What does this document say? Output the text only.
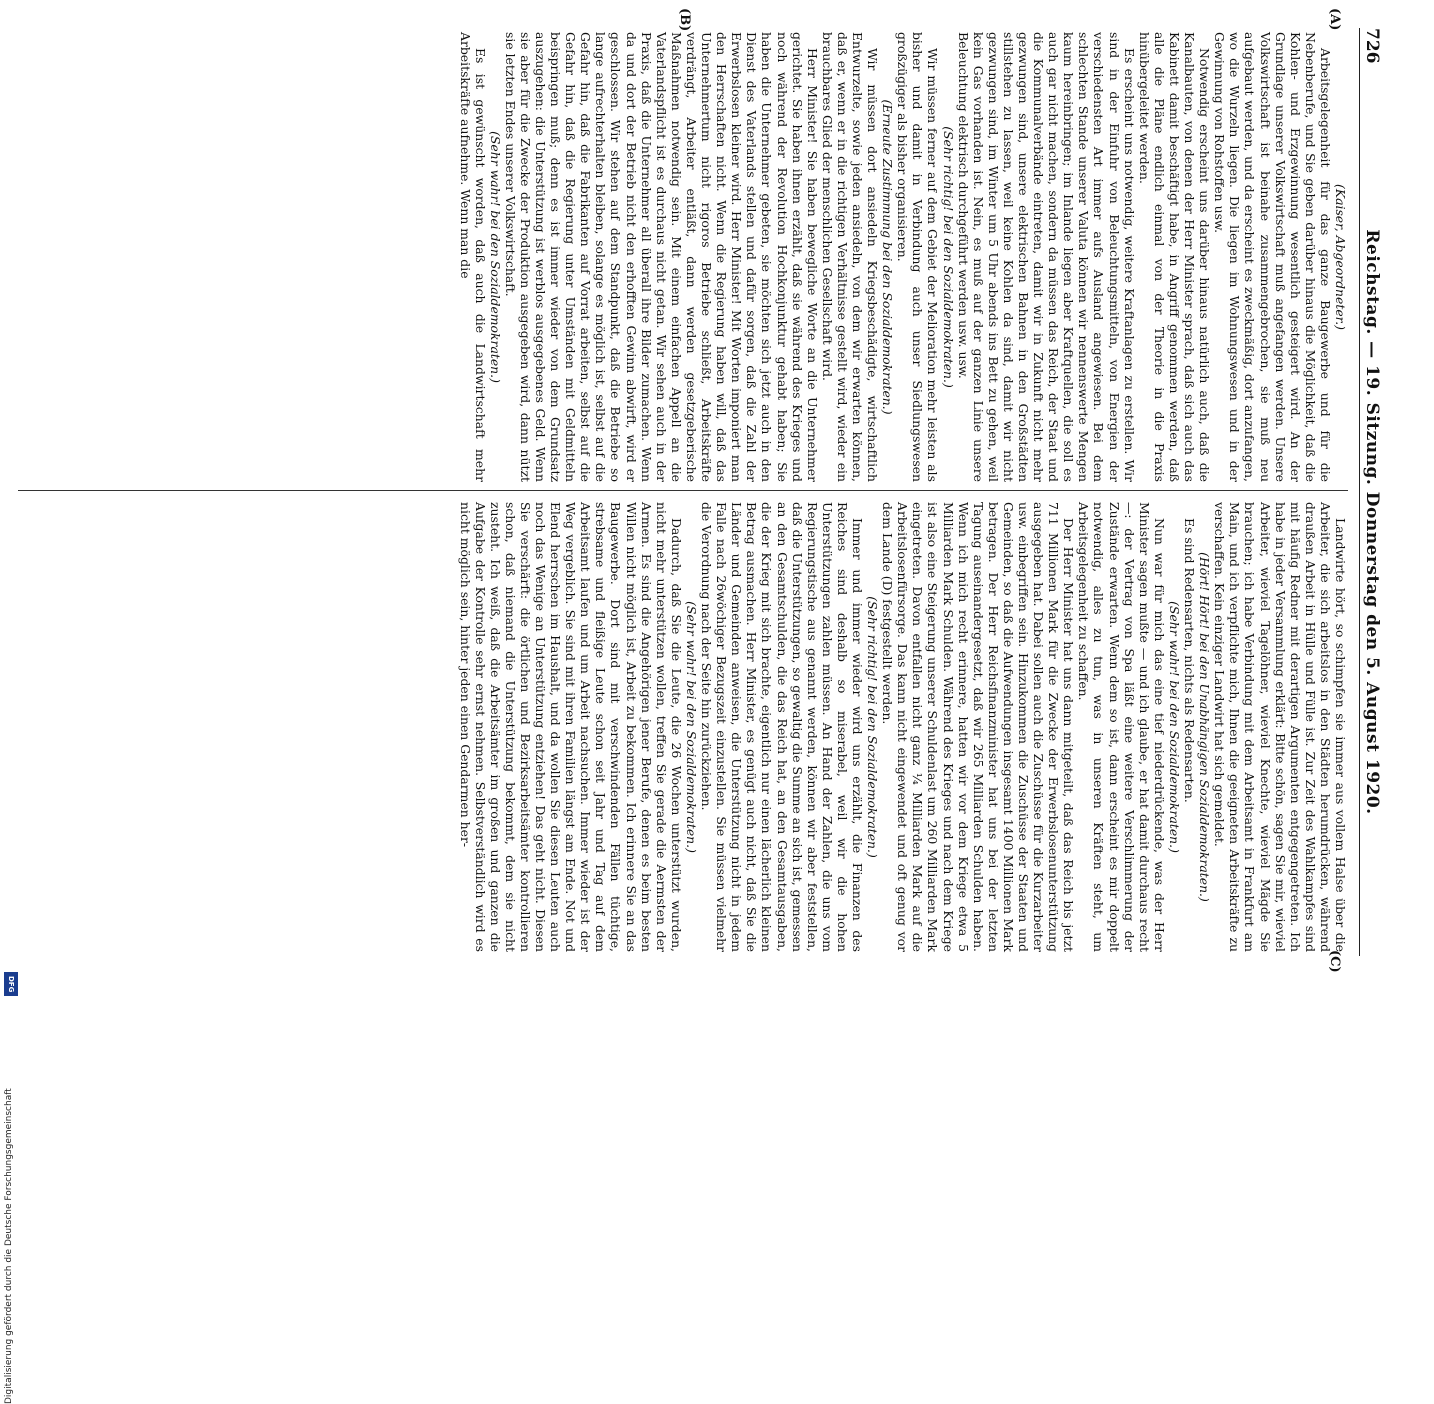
726
Reichstag. — 19. Sitzung. Donnerstag den 5. August 1920.
(A)
(B)
(C)

(Kaiser, Abgeordneter.)

Arbeitsgelegenheit für das ganze Baugewerbe und für die Nebenberufe, und Sie geben darüber hinaus die Möglichkeit, daß die Kohlen- und Erzgewinnung wesentlich gesteigert wird. An der Grundlage unserer Volkswirtschaft muß angefangen werden. Unsere Volkswirtschaft ist beinahe zusammengebrochen, sie muß neu aufgebaut werden, und da erscheint es zweckmäßig, dort anzufangen, wo die Wurzeln liegen. Die liegen im Wohnungswesen und in der Gewinnung von Rohstoffen usw.

Notwendig erscheint uns darüber hinaus natürlich auch, daß die Kanalbauten, von denen der Herr Minister sprach, daß sich auch das Kabinett damit beschäftigt habe, in Angriff genommen werden, daß alle die Pläne endlich einmal von der Theorie in die Praxis hinübergeleitet werden.

Es erscheint uns notwendig, weitere Kraftanlagen zu erstellen. Wir sind in der Einfuhr von Beleuchtungsmitteln, von Energien der verschiedensten Art immer aufs Ausland angewiesen. Bei dem schlechten Stande unserer Valuta können wir nennenswerte Mengen kaum hereinbringen; im Inlande liegen aber Kraftquellen, die soll es auch gar nicht machen, sondern da müssen das Reich, der Staat und die Kommunalverbände eintreten, damit wir in Zukunft nicht mehr gezwungen sind, unsere elektrischen Bahnen in den Großstädten stillstehen zu lassen, weil keine Kohlen da sind, damit wir nicht gezwungen sind, im Winter um 5 Uhr abends ins Bett zu gehen, weil kein Gas vorhanden ist. Nein, es muß auf der ganzen Linie unsere Beleuchtung elektrisch durchgeführt werden usw. usw.

(Sehr richtig! bei den Sozialdemokraten.)

Wir müssen ferner auf dem Gebiet der Melioration mehr leisten als bisher und damit in Verbindung auch unser Siedlungswesen großzügiger als bisher organisieren.

(Erneute Zustimmung bei den Sozialdemokraten.)

Wir müssen dort ansiedeln Kriegsbeschädigte, wirtschaftlich Entwurzelte, sowie jeden ansiedeln, von dem wir erwarten können, daß er, wenn er in die richtigen Verhältnisse gestellt wird, wieder ein brauchbares Glied der menschlichen Gesellschaft wird.

Herr Minister! Sie haben bewegliche Worte an die Unternehmer gerichtet. Sie haben ihnen erzählt, daß sie während des Krieges und noch während der Revolution Hochkonjunktur gehabt haben; Sie haben die Unternehmer gebeten, sie möchten sich jetzt auch in den Dienst des Vaterlands stellen und dafür sorgen, daß die Zahl der Erwerbslosen kleiner wird. Herr Minister! Mit Worten imponiert man den Herrschaften nicht. Wenn die Regierung haben will, daß das Unternehmertum nicht rigoros Betriebe schließt, Arbeitskräfte verdrängt, Arbeiter entläßt, dann werden gesetzgeberische Maßnahmen notwendig sein. Mit einem einfachen Appell an die Vaterlandspflicht ist es durchaus nicht getan. Wir sehen auch in der Praxis, daß die Unternehmer all überall ihre Bilder zumachen. Wenn da und dort der Betrieb nicht den erhofften Gewinn abwirft, wird er geschlossen. Wir stehen auf dem Standpunkt, daß die Betriebe so lange aufrechterhalten bleiben, solange es möglich ist, selbst auf die Gefahr hin, daß die Fabrikanten auf Vorrat arbeiten, selbst auf die Gefahr hin, daß die Regierung unter Umständen mit Geldmitteln beispringen muß; denn es ist immer wieder von dem Grundsatz auszugehen: die Unterstützung ist werblos ausgegebenes Geld. Wenn sie aber für die Zwecke der Produktion ausgegeben wird, dann nützt sie letzten Endes unserer Volkswirtschaft.

(Sehr wahr! bei den Sozialdemokraten.)

Es ist gewünscht worden, daß auch die Landwirtschaft mehr Arbeitskräfte aufnehme. Wenn man die

Landwirte hört, so schimpfen sie immer aus vollem Halse über die Arbeiter, die sich arbeitslos in den Städten herumdrücken, während draußen Arbeit in Hülle und Fülle ist. Zur Zeit des Wahlkampfes sind mit häufig Redner mit derartigen Argumenten entgegengetreten. Ich habe in jeder Versammlung erklärt: Bitte schön, sagen Sie mir, wieviel Arbeiter, wieviel Tagelöhner, wieviel Knechte, wieviel Mägde Sie brauchen; ich habe Verbindung mit dem Arbeitsamt in Frankfurt am Main, und ich verpflichte mich, Ihnen die geeigneten Arbeitskräfte zu verschaffen. Kein einziger Landwirt hat sich gemeldet.

(Hört! Hört! bei den Unabhängigen Sozialdemokraten.)

Es sind Redensarten, nichts als Redensarten.

(Sehr wahr! bei den Sozialdemokraten.)

Nun war für mich das eine tief niederdrückende, was der Herr Minister sagen mußte — und ich glaube, er hat damit durchaus recht —: der Vertrag von Spa läßt eine weitere Verschlimmerung der Zustände erwarten. Wenn dem so ist, dann erscheint es mir doppelt notwendig, alles zu tun, was in unseren Kräften steht, um Arbeitsgelegenheit zu schaffen.

Der Herr Minister hat uns dann mitgeteilt, daß das Reich bis jetzt 711 Millionen Mark für die Zwecke der Erwerbslosenunterstützung ausgegeben hat. Dabei sollen auch die Zuschüsse für die Kurzarbeiter usw. einbegriffen sein. Hinzukommen die Zuschüsse der Staaten und Gemeinden, so daß die Aufwendungen insgesamt 1400 Millionen Mark betragen. Der Herr Reichsfinanzminister hat uns bei der letzten Tagung auseinandergesetzt, daß wir 265 Milliarden Schulden haben. Wenn ich mich recht erinnere, hatten wir vor dem Kriege etwa 5 Milliarden Mark Schulden. Während des Krieges und nach dem Kriege ist also eine Steigerung unserer Schuldenlast um 260 Milliarden Mark eingetreten. Davon entfallen nicht ganz ¼ Milliarden Mark auf die Arbeitslosenfürsorge. Das kann nicht eingewendet und oft genug vor dem Lande (D) festgestellt werden.

(Sehr richtig! bei den Sozialdemokraten.)

Immer und immer wieder wird uns erzählt, die Finanzen des Reiches sind deshalb so miserabel, weil wir die hohen Unterstützungen zahlen müssen. An Hand der Zahlen, die uns vom Regierungstische aus genannt werden, können wir aber feststellen, daß die Unterstützungen, so gewaltig die Summe an sich ist, gemessen an den Gesamtschulden, die das Reich hat, an den Gesamtausgaben, die der Krieg mit sich brachte, eigentlich nur einen lächerlich kleinen Betrag ausmachen. Herr Minister, es genügt auch nicht, daß Sie die Länder und Gemeinden anweisen, die Unterstützung nicht in jedem Falle nach 26wöchiger Bezugszeit einzustellen. Sie müssen vielmehr die Verordnung nach der Seite hin zurückziehen.

(Sehr wahr! bei den Sozialdemokraten.)

Dadurch, daß Sie die Leute, die 26 Wochen unterstützt wurden, nicht mehr unterstützen wollen, treffen Sie gerade die Aermsten der Armen. Es sind die Angehörigen jener Berufe, denen es beim besten Willen nicht möglich ist, Arbeit zu bekommen. Ich erinnere Sie an das Baugewerbe. Dort sind mit verschwindenden Fällen tüchtige, strebsame und fleißige Leute schon seit Jahr und Tag auf dem Arbeitsamt laufen und um Arbeit nachsuchen. Immer wieder ist der Weg vergeblich. Sie sind mit ihren Familien längst am Ende. Not und Elend herrschen im Haushalt, und da wollen Sie diesen Leuten auch noch das Wenige an Unterstützung entziehen! Das geht nicht. Diesen Sie verschärft: die örtlichen und Bezirksarbeitsämter kontrollieren schon, daß niemand die Unterstützung bekommt, dem sie nicht zusteht. Ich weiß, daß die Arbeitsämter im großen und ganzen die Aufgabe der Kontrolle sehr ernst nehmen. Selbstverständlich wird es nicht möglich sein, hinter jeden einen Gendarmen her-

Digitalisierung gefördert durch die Deutsche Forschungsgemeinschaft
DFG
